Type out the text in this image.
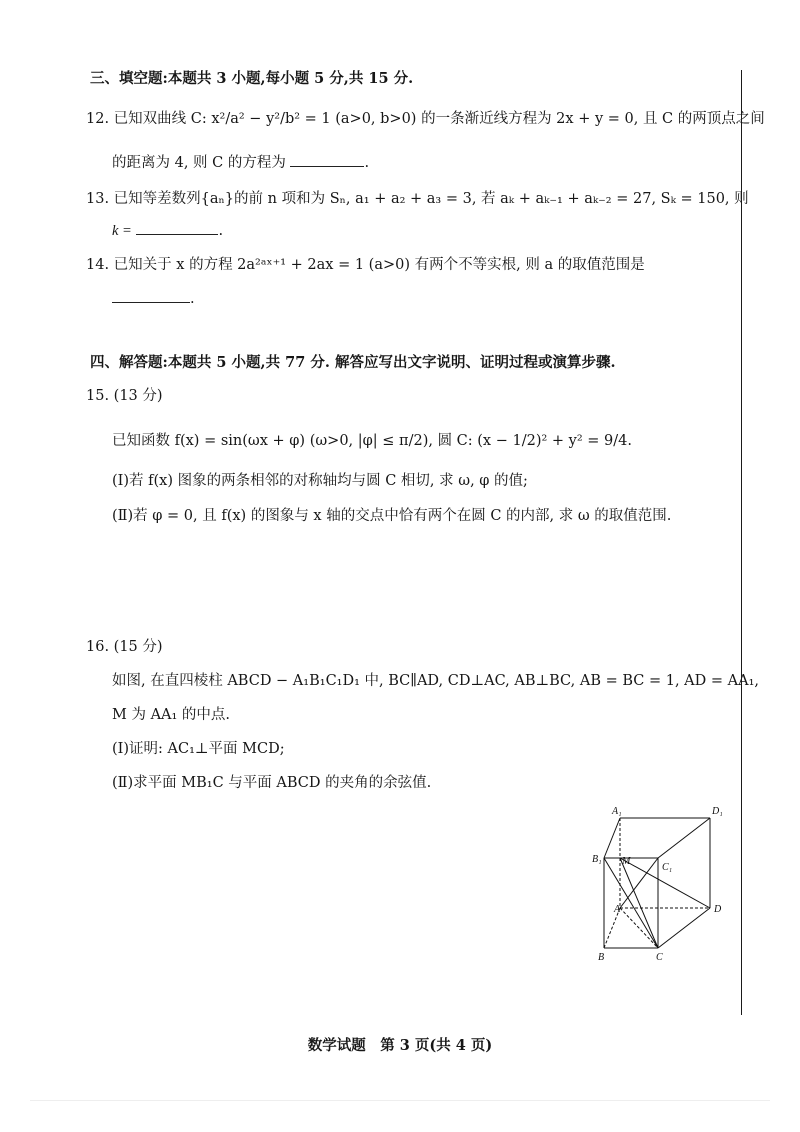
三、填空题:本题共 3 小题,每小题 5 分,共 15 分.
12. 已知双曲线 C: x²/a² − y²/b² = 1 (a>0, b>0) 的一条渐近线方程为 2x + y = 0, 且 C 的两顶点之间
的距离为 4, 则 C 的方程为	.
13. 已知等差数列{aₙ}的前 n 项和为 Sₙ, a₁ + a₂ + a₃ = 3, 若 aₖ + aₖ₋₁ + aₖ₋₂ = 27, Sₖ = 150, 则
k =	.
14. 已知关于 x 的方程 2a²ᵃˣ⁺¹ + 2ax = 1 (a>0) 有两个不等实根, 则 a 的取值范围是
.
四、解答题:本题共 5 小题,共 77 分. 解答应写出文字说明、证明过程或演算步骤.
15. (13 分)
已知函数 f(x) = sin(ωx + φ) (ω>0, |φ| ≤ π/2), 圆 C: (x − 1/2)² + y² = 9/4.
(Ⅰ)若 f(x) 图象的两条相邻的对称轴均与圆 C 相切, 求 ω, φ 的值;
(Ⅱ)若 φ = 0, 且 f(x) 的图象与 x 轴的交点中恰有两个在圆 C 的内部, 求 ω 的取值范围.
16. (15 分)
如图, 在直四棱柱 ABCD − A₁B₁C₁D₁ 中, BC∥AD, CD⊥AC, AB⊥BC, AB = BC = 1, AD = AA₁,
M 为 AA₁ 的中点.
(Ⅰ)证明: AC₁⊥平面 MCD;
(Ⅱ)求平面 MB₁C 与平面 ABCD 的夹角的余弦值.
A₁	D₁
B₁ M
C₁
A	D
B	C
数学试题　第 3 页(共 4 页)
